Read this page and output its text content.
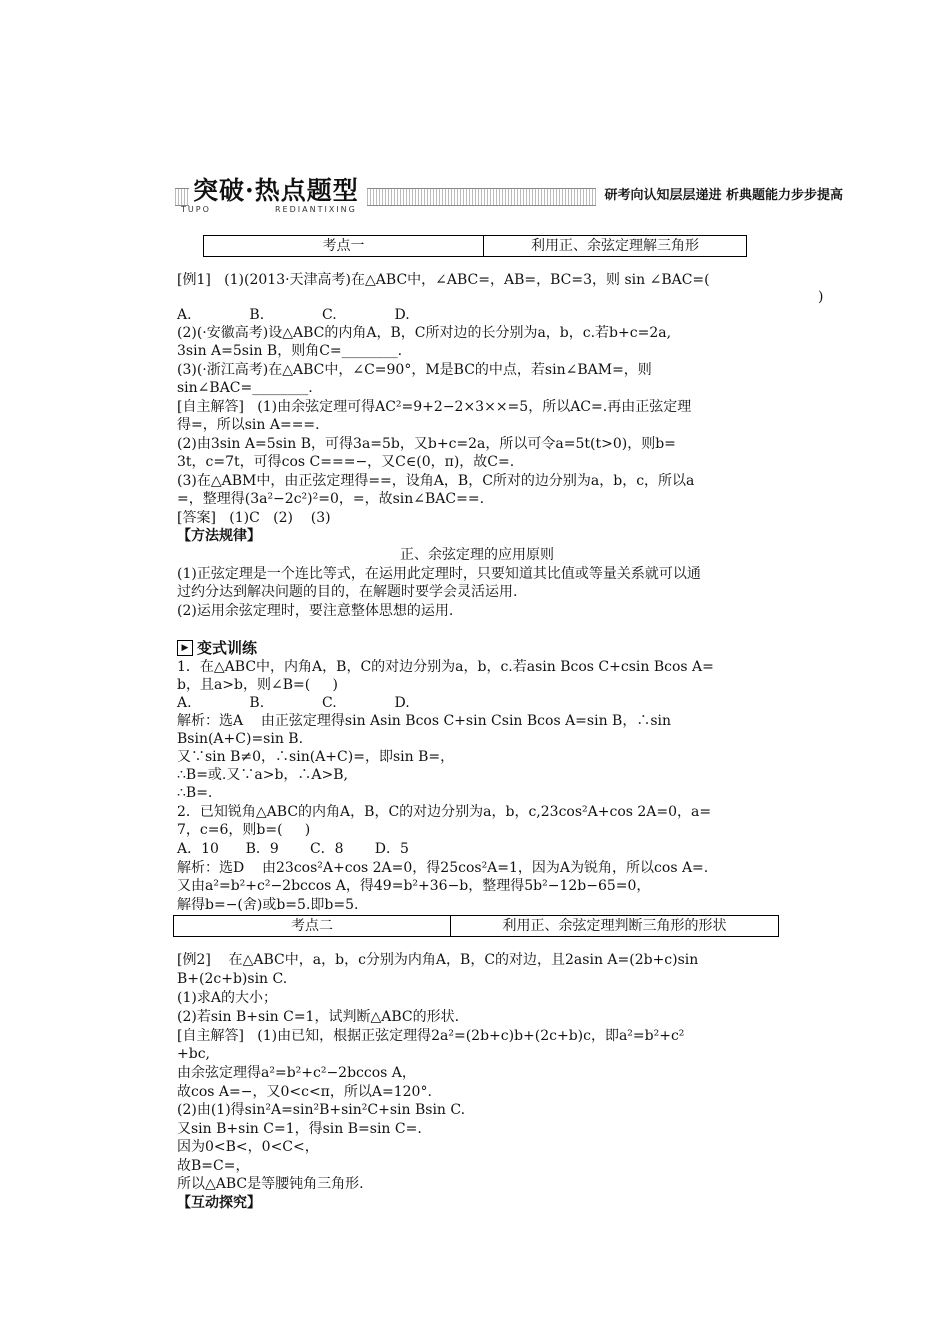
突破·热点题型
TUPO	REDIANTIXING
研考向认知层层递进 析典题能力步步提高
考点一	利用正、余弦定理解三角形
[例1]   (1)(2013·天津高考)在△ABC中，∠ABC=，AB=，BC=3，则 sin ∠BAC=(
)
A.             B.             C.             D.
(2)(·安徽高考)设△ABC的内角A，B，C所对边的长分别为a，b，c.若b+c=2a,
3sin A=5sin B，则角C=________.
(3)(·浙江高考)在△ABC中，∠C=90°，M是BC的中点，若sin∠BAM=，则
sin∠BAC=________.
[自主解答]   (1)由余弦定理可得AC²=9+2−2×3××=5，所以AC=.再由正弦定理
得=，所以sin A===.
(2)由3sin A=5sin B，可得3a=5b，又b+c=2a，所以可令a=5t(t>0)，则b=
3t，c=7t，可得cos C===−，又C∈(0，π)，故C=.
(3)在△ABM中，由正弦定理得==，设角A，B，C所对的边分别为a，b，c，所以a
=，整理得(3a²−2c²)²=0，=，故sin∠BAC==.
[答案]   (1)C   (2)    (3)
【方法规律】
正、余弦定理的应用原则
(1)正弦定理是一个连比等式，在运用此定理时，只要知道其比值或等量关系就可以通
过约分达到解决问题的目的，在解题时要学会灵活运用.
(2)运用余弦定理时，要注意整体思想的运用.
▶ 变式训练
1．在△ABC中，内角A，B，C的对边分别为a，b，c.若asin Bcos C+csin Bcos A=
b，且a>b，则∠B=(     )
A.             B.             C.             D.
解析：选A    由正弦定理得sin Asin Bcos C+sin Csin Bcos A=sin B，∴sin
Bsin(A+C)=sin B.
又∵sin B≠0，∴sin(A+C)=，即sin B=，
∴B=或.又∵a>b，∴A>B,
∴B=.
2．已知锐角△ABC的内角A，B，C的对边分别为a，b，c,23cos²A+cos 2A=0，a=
7，c=6，则b=(     )
A．10      B．9       C．8       D．5
解析：选D    由23cos²A+cos 2A=0，得25cos²A=1，因为A为锐角，所以cos A=.
又由a²=b²+c²−2bccos A，得49=b²+36−b，整理得5b²−12b−65=0，
解得b=−(舍)或b=5.即b=5.
考点二	利用正、余弦定理判断三角形的形状
[例2]    在△ABC中，a，b，c分别为内角A，B，C的对边，且2asin A=(2b+c)sin
B+(2c+b)sin C.
(1)求A的大小；
(2)若sin B+sin C=1，试判断△ABC的形状.
[自主解答]   (1)由已知，根据正弦定理得2a²=(2b+c)b+(2c+b)c，即a²=b²+c²
+bc,
由余弦定理得a²=b²+c²−2bccos A，
故cos A=−，又0<c<π，所以A=120°.
(2)由(1)得sin²A=sin²B+sin²C+sin Bsin C.
又sin B+sin C=1，得sin B=sin C=.
因为0<B<，0<C<，
故B=C=，
所以△ABC是等腰钝角三角形.
【互动探究】
